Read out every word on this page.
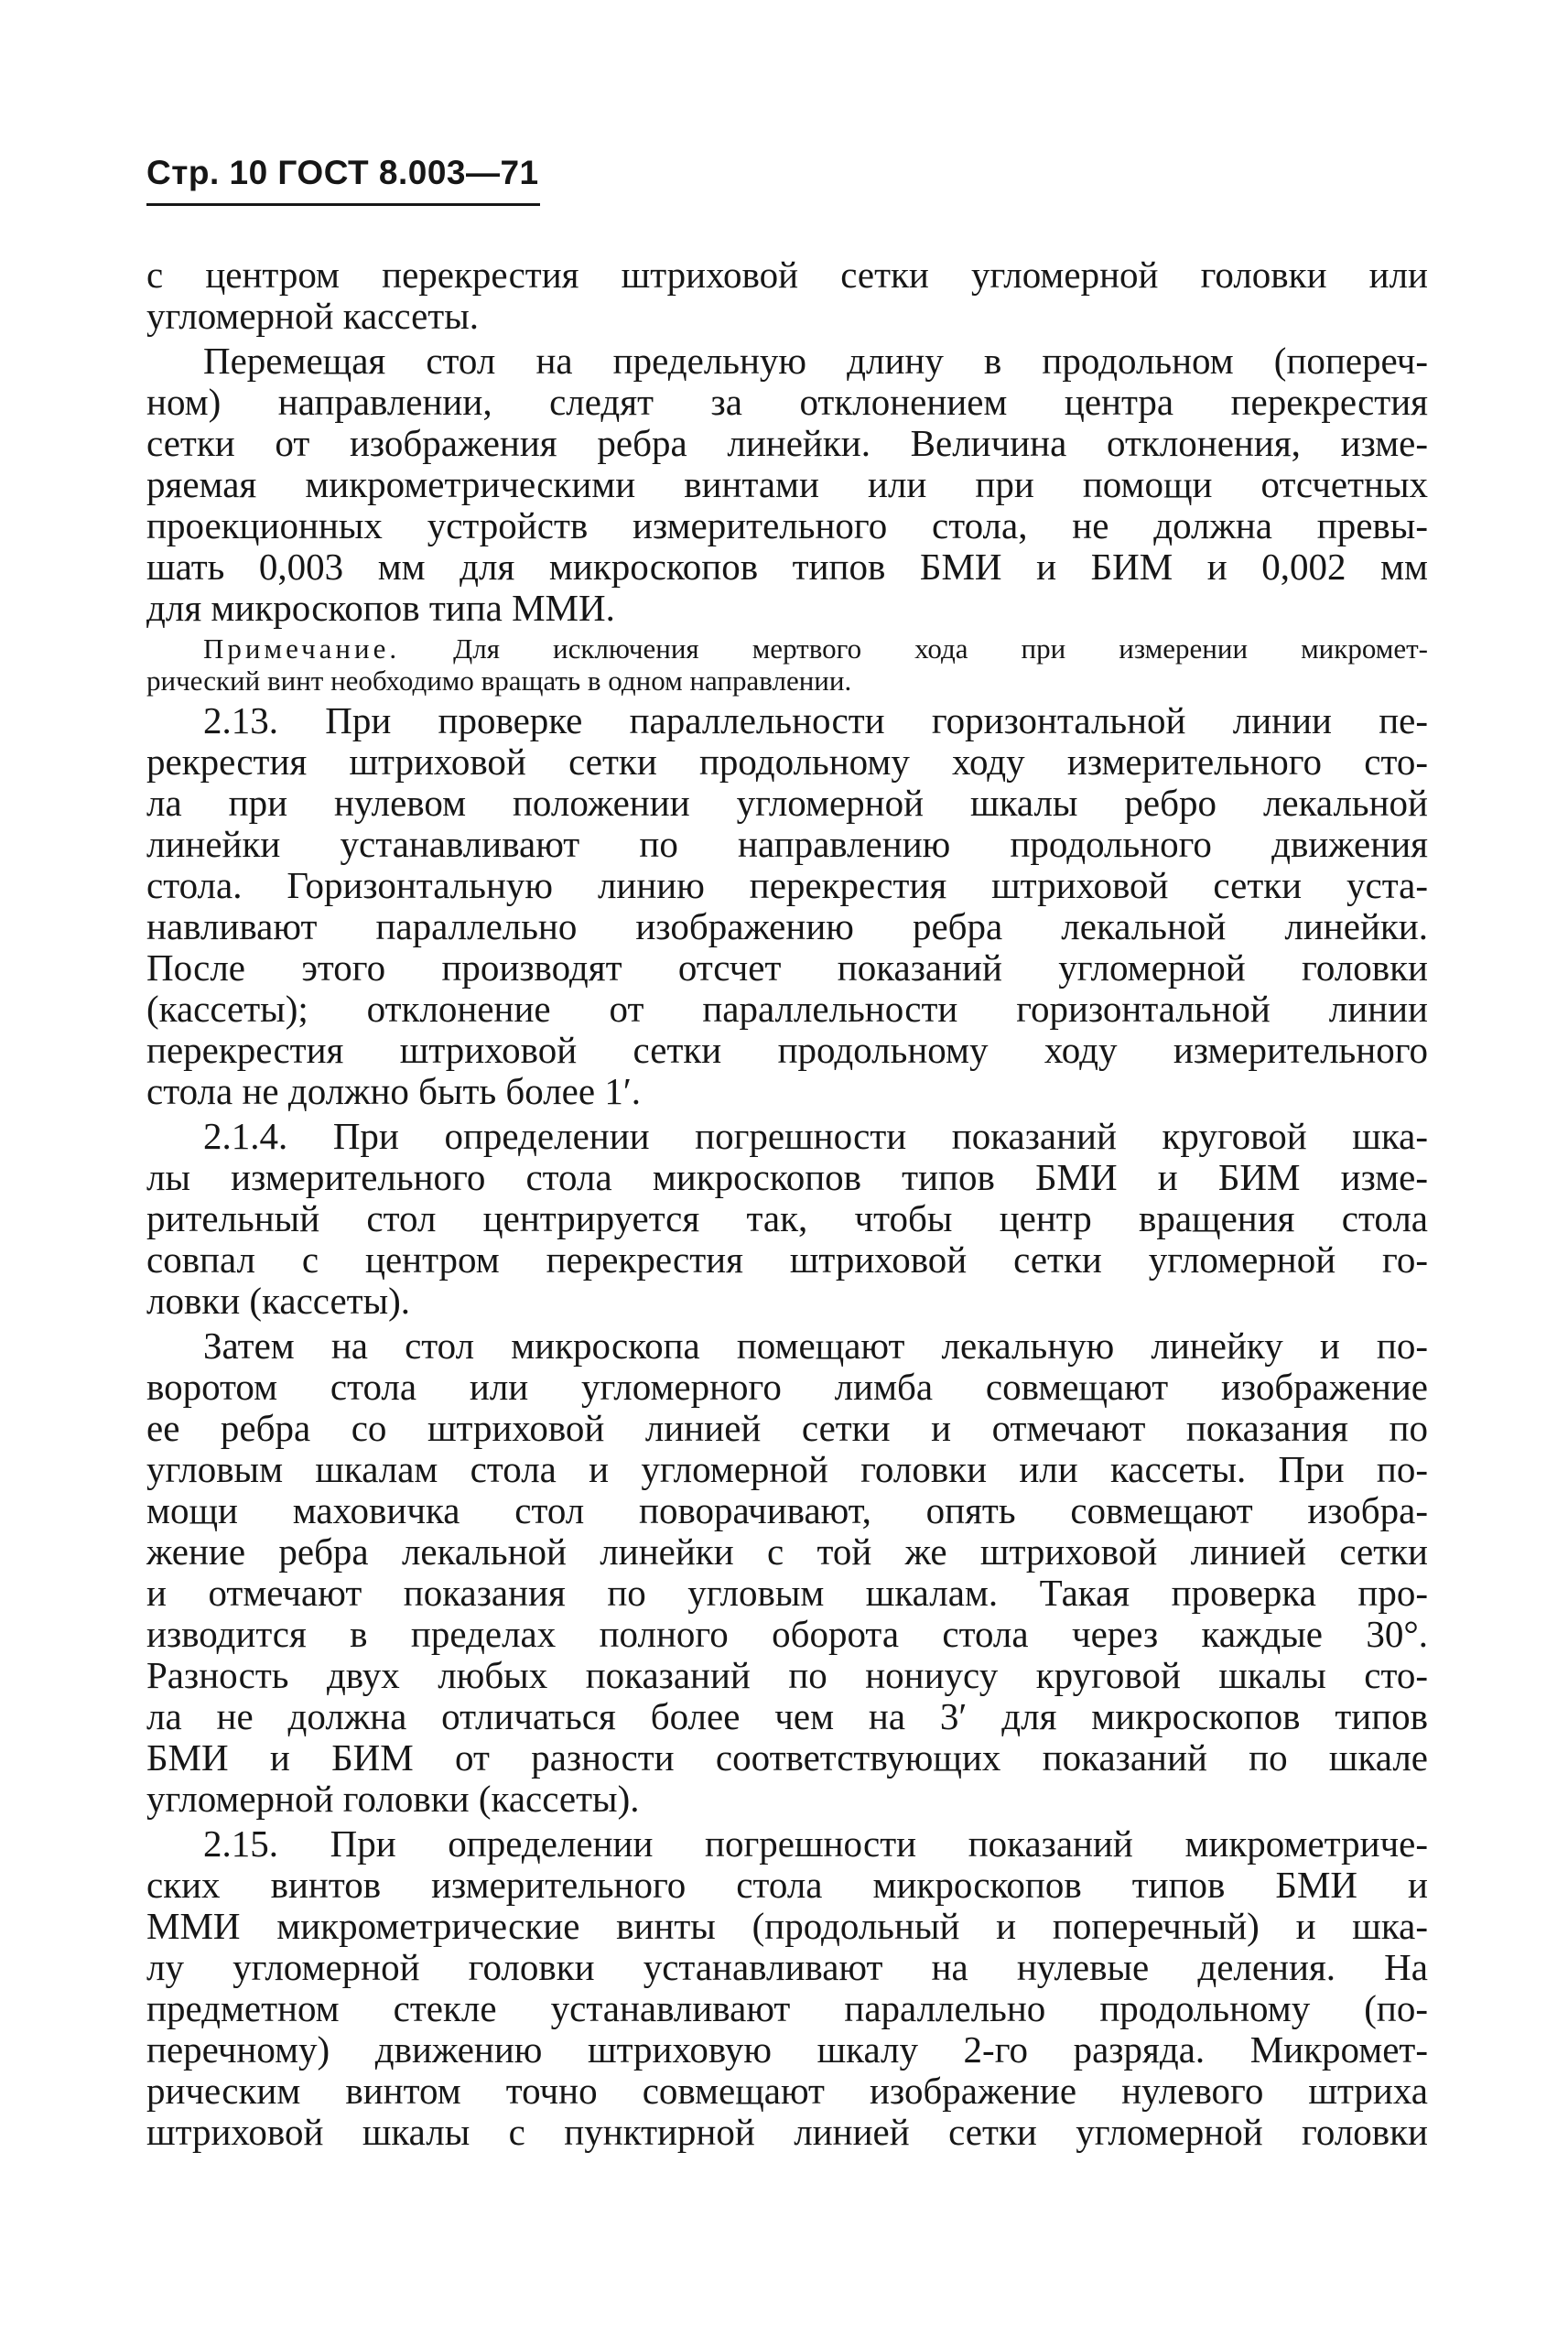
Стр. 10 ГОСТ 8.003—71
с центром перекрестия штриховой сетки угломерной головки или
угломерной кассеты.
Перемещая стол на предельную длину в продольном (попереч-
ном) направлении, следят за отклонением центра перекрестия
сетки от изображения ребра линейки. Величина отклонения, изме-
ряемая микрометрическими винтами или при помощи отсчетных
проекционных устройств измерительного стола, не должна превы-
шать 0,003 мм для микроскопов типов БМИ и БИМ и 0,002 мм
для микроскопов типа ММИ.
Примечание. Для исключения мертвого хода при измерении микромет-
рический винт необходимо вращать в одном направлении.
2.13. При проверке параллельности горизонтальной линии пе-
рекрестия штриховой сетки продольному ходу измерительного сто-
ла при нулевом положении угломерной шкалы ребро лекальной
линейки устанавливают по направлению продольного движения
стола. Горизонтальную линию перекрестия штриховой сетки уста-
навливают параллельно изображению ребра лекальной линейки.
После этого производят отсчет показаний угломерной головки
(кассеты); отклонение от параллельности горизонтальной линии
перекрестия штриховой сетки продольному ходу измерительного
стола не должно быть более 1′.
2.1.4. При определении погрешности показаний круговой шка-
лы измерительного стола микроскопов типов БМИ и БИМ изме-
рительный стол центрируется так, чтобы центр вращения стола
совпал с центром перекрестия штриховой сетки угломерной го-
ловки (кассеты).
Затем на стол микроскопа помещают лекальную линейку и по-
воротом стола или угломерного лимба совмещают изображение
ее ребра со штриховой линией сетки и отмечают показания по
угловым шкалам стола и угломерной головки или кассеты. При по-
мощи маховичка стол поворачивают, опять совмещают изобра-
жение ребра лекальной линейки с той же штриховой линией сетки
и отмечают показания по угловым шкалам. Такая проверка про-
изводится в пределах полного оборота стола через каждые 30°.
Разность двух любых показаний по нониусу круговой шкалы сто-
ла не должна отличаться более чем на 3′ для микроскопов типов
БМИ и БИМ от разности соответствующих показаний по шкале
угломерной головки (кассеты).
2.15. При определении погрешности показаний микрометриче-
ских винтов измерительного стола микроскопов типов БМИ и
ММИ микрометрические винты (продольный и поперечный) и шка-
лу угломерной головки устанавливают на нулевые деления. На
предметном стекле устанавливают параллельно продольному (по-
перечному) движению штриховую шкалу 2-го разряда. Микромет-
рическим винтом точно совмещают изображение нулевого штриха
штриховой шкалы с пунктирной линией сетки угломерной головки
